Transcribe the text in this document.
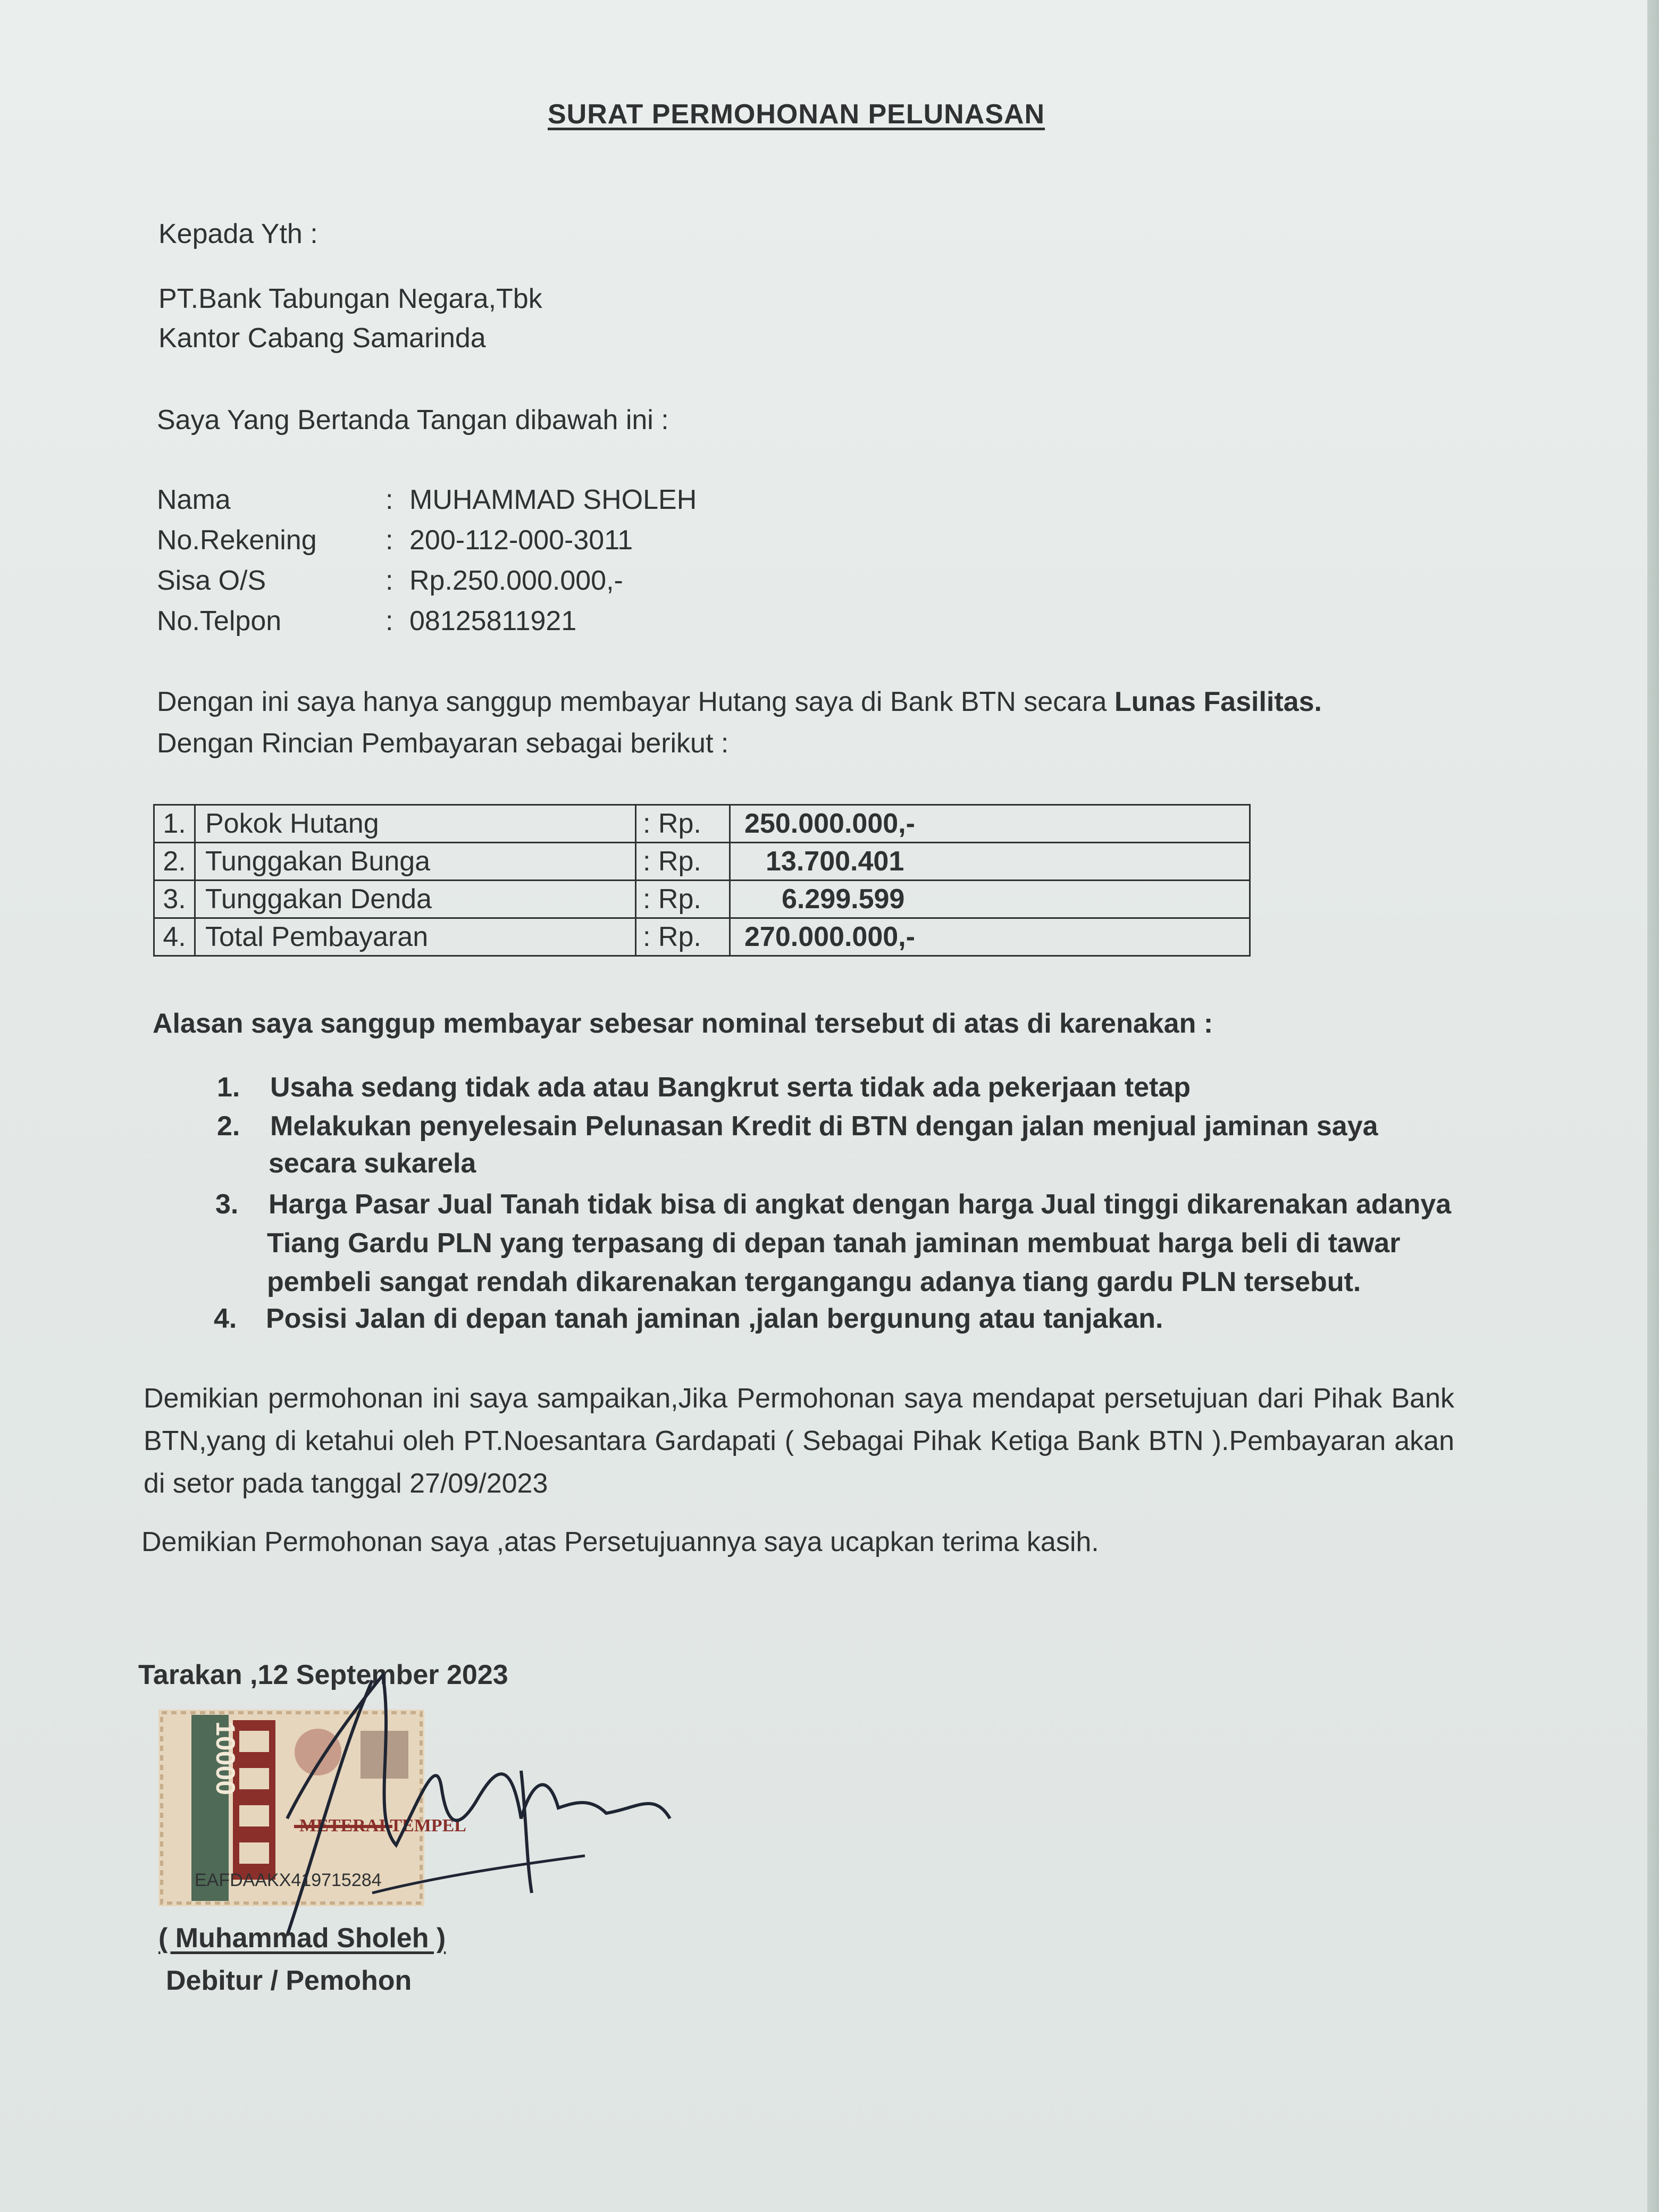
SURAT PERMOHONAN PELUNASAN
Kepada Yth :
PT.Bank Tabungan Negara,Tbk
Kantor Cabang Samarinda
Saya Yang Bertanda Tangan dibawah ini :
Nama	: MUHAMMAD SHOLEH
No.Rekening : 200-112-000-3011
Sisa O/S	: Rp.250.000.000,-
No.Telpon	: 08125811921
Dengan ini saya hanya sanggup membayar Hutang saya di Bank BTN secara Lunas Fasilitas.
Dengan Rincian Pembayaran sebagai berikut :
1.	Pokok Hutang	: Rp.	250.000.000,-
2.	Tunggakan Bunga	: Rp.	13.700.401
3.	Tunggakan Denda	: Rp.	6.299.599
4.	Total Pembayaran	: Rp.	270.000.000,-
Alasan saya sanggup membayar sebesar nominal tersebut di atas di karenakan :
1. Usaha sedang tidak ada atau Bangkrut serta tidak ada pekerjaan tetap
2. Melakukan penyelesain Pelunasan Kredit di BTN dengan jalan menjual jaminan saya
secara sukarela
3. Harga Pasar Jual Tanah tidak bisa di angkat dengan harga Jual tinggi dikarenakan adanya
Tiang Gardu PLN yang terpasang di depan tanah jaminan membuat harga beli di tawar
pembeli sangat rendah dikarenakan tergangangu adanya tiang gardu PLN tersebut.
4. Posisi Jalan di depan tanah jaminan ,jalan bergunung atau tanjakan.
Demikian permohonan ini saya sampaikan,Jika Permohonan saya mendapat persetujuan dari Pihak Bank BTN,yang di ketahui oleh PT.Noesantara Gardapati ( Sebagai Pihak Ketiga Bank BTN ).Pembayaran akan di setor pada tanggal 27/09/2023
Demikian Permohonan saya ,atas Persetujuannya saya ucapkan terima kasih.
Tarakan ,12 September 2023
METERAI TEMPEL
10000
EAFDAAKX419715284
( Muhammad Sholeh )
Debitur / Pemohon
